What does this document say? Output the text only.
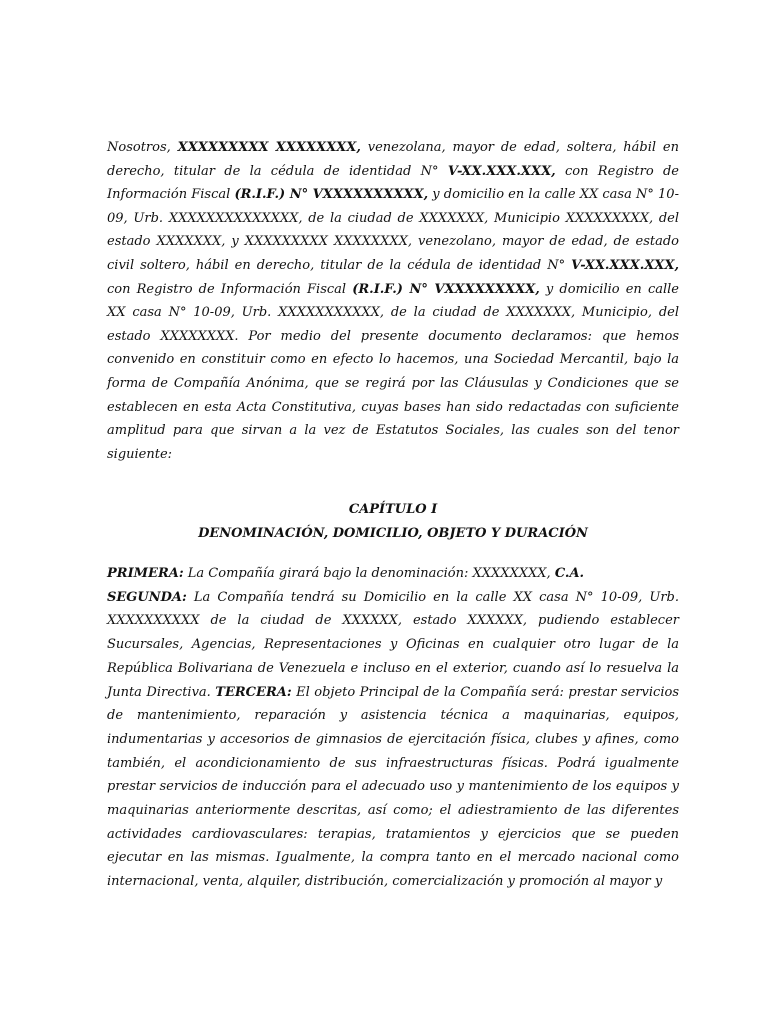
Nosotros, XXXXXXXXX XXXXXXXX, venezolana, mayor de edad, soltera, hábil en derecho, titular de la cédula de identidad N° V-XX.XXX.XXX, con Registro de Información Fiscal (R.I.F.) N° VXXXXXXXXXX, y domicilio en la calle XX casa N° 10-09, Urb. XXXXXXXXXXXXXX, de la ciudad de XXXXXXX, Municipio XXXXXXXXX, del estado XXXXXXX, y XXXXXXXXX XXXXXXXX, venezolano, mayor de edad, de estado civil soltero, hábil en derecho, titular de la cédula de identidad N° V-XX.XXX.XXX, con Registro de Información Fiscal (R.I.F.) N° VXXXXXXXXX, y domicilio en calle XX casa N° 10-09, Urb. XXXXXXXXXXX, de la ciudad de XXXXXXX, Municipio, del estado XXXXXXXX. Por medio del presente documento declaramos: que hemos convenido en constituir como en efecto lo hacemos, una Sociedad Mercantil, bajo la forma de Compañía Anónima, que se regirá por las Cláusulas y Condiciones que se establecen en esta Acta Constitutiva, cuyas bases han sido redactadas con suficiente amplitud para que sirvan a la vez de Estatutos Sociales, las cuales son del tenor siguiente:

CAPÍTULO I
DENOMINACIÓN, DOMICILIO, OBJETO Y DURACIÓN

PRIMERA: La Compañía girará bajo la denominación: XXXXXXXX, C.A.
SEGUNDA: La Compañía tendrá su Domicilio en la calle XX casa N° 10-09, Urb. XXXXXXXXXX de la ciudad de XXXXXX, estado XXXXXX, pudiendo establecer Sucursales, Agencias, Representaciones y Oficinas en cualquier otro lugar de la República Bolivariana de Venezuela e incluso en el exterior, cuando así lo resuelva la Junta Directiva. TERCERA: El objeto Principal de la Compañía será: prestar servicios de mantenimiento, reparación y asistencia técnica a maquinarias, equipos, indumentarias y accesorios de gimnasios de ejercitación física, clubes y afines, como también, el acondicionamiento de sus infraestructuras físicas. Podrá igualmente prestar servicios de inducción para el adecuado uso y mantenimiento de los equipos y maquinarias anteriormente descritas, así como; el adiestramiento de las diferentes actividades cardiovasculares: terapias, tratamientos y ejercicios que se pueden ejecutar en las mismas. Igualmente, la compra tanto en el mercado nacional como internacional, venta, alquiler, distribución, comercialización y promoción al mayor y
